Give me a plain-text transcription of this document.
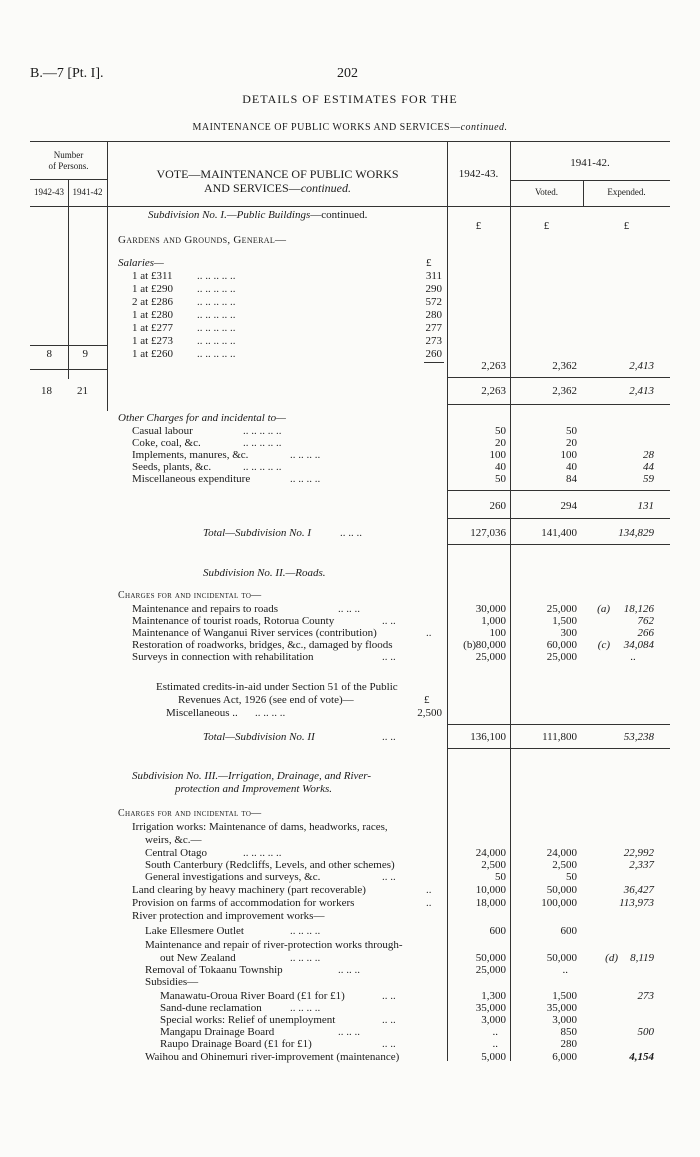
B.—7 [Pt. I].	202
DETAILS OF ESTIMATES FOR THE
MAINTENANCE OF PUBLIC WORKS AND SERVICES—continued.
Number
of Persons.
1942-43 1941-42
VOTE—MAINTENANCE OF PUBLIC WORKS
AND SERVICES—continued.
1942-43.
1941-42.
Voted.	Expended.
Subdivision No. I.—Public Buildings—continued.
£	£	£
Gardens and Grounds, General—
Salaries—	£
1 at £311 .. .. .. .. ..	311
1 at £290 .. .. .. .. ..	290
2 at £286 .. .. .. .. ..	572
1 at £280 .. .. .. .. ..	280
1 at £277 .. .. .. .. ..	277
1 at £273 .. .. .. .. ..	273
8	9	1 at £260 .. .. .. .. ..	260
2,263	2,362	2,413
18 21	2,263	2,362	2,413
Other Charges for and incidental to—
Casual labour	.. .. .. .. ..	50	50
Coke, coal, &c.	.. .. .. .. ..	20	20
Implements, manures, &c.	.. .. .. ..	100	100	28
Seeds, plants, &c.	.. .. .. .. ..	40	40	44
Miscellaneous expenditure	.. .. .. ..	50	84	59
260	294	131
Total—Subdivision No. I	.. .. ..	127,036	141,400	134,829
Subdivision No. II.—Roads.
Charges for and incidental to—
Maintenance and repairs to roads	.. .. ..	30,000	25,000 (a) 18,126
Maintenance of tourist roads, Rotorua County	.. ..	1,000	1,500	762
Maintenance of Wanganui River services (contribution)	..	100	300	266
Restoration of roadworks, bridges, &c., damaged by floods	(b) 80,000	60,000 (c) 34,084
Surveys in connection with rehabilitation	.. ..	25,000	25,000	..
Estimated credits-in-aid under Section 51 of the Public
Revenues Act, 1926 (see end of vote)—	£
Miscellaneous .. .. .. .. ..	2,500
Total—Subdivision No. II	.. ..	136,100	111,800	53,238
Subdivision No. III.—Irrigation, Drainage, and River-
protection and Improvement Works.
Charges for and incidental to—
Irrigation works: Maintenance of dams, headworks, races,
weirs, &c.—
Central Otago	.. .. .. .. ..	24,000	24,000	22,992
South Canterbury (Redcliffs, Levels, and other schemes)	2,500	2,500	2,337
General investigations and surveys, &c.	.. ..	50	50
Land clearing by heavy machinery (part recoverable)	..	10,000	50,000	36,427
Provision on farms of accommodation for workers	..	18,000	100,000	113,973
River protection and improvement works—
Lake Ellesmere Outlet	.. .. .. ..	600	600
Maintenance and repair of river-protection works through-
out New Zealand	.. .. .. ..	50,000	50,000	(d) 8,119
Removal of Tokaanu Township	.. .. ..	25,000	..
Subsidies—
Manawatu-Oroua River Board (£1 for £1)	.. ..	1,300	1,500	273
Sand-dune reclamation	.. .. .. ..	35,000	35,000
Special works: Relief of unemployment	.. ..	3,000	3,000
Mangapu Drainage Board	.. .. ..	..	850	500
Raupo Drainage Board (£1 for £1)	.. ..	..	280
Waihou and Ohinemuri river-improvement (maintenance)	5,000	6,000	4,154
